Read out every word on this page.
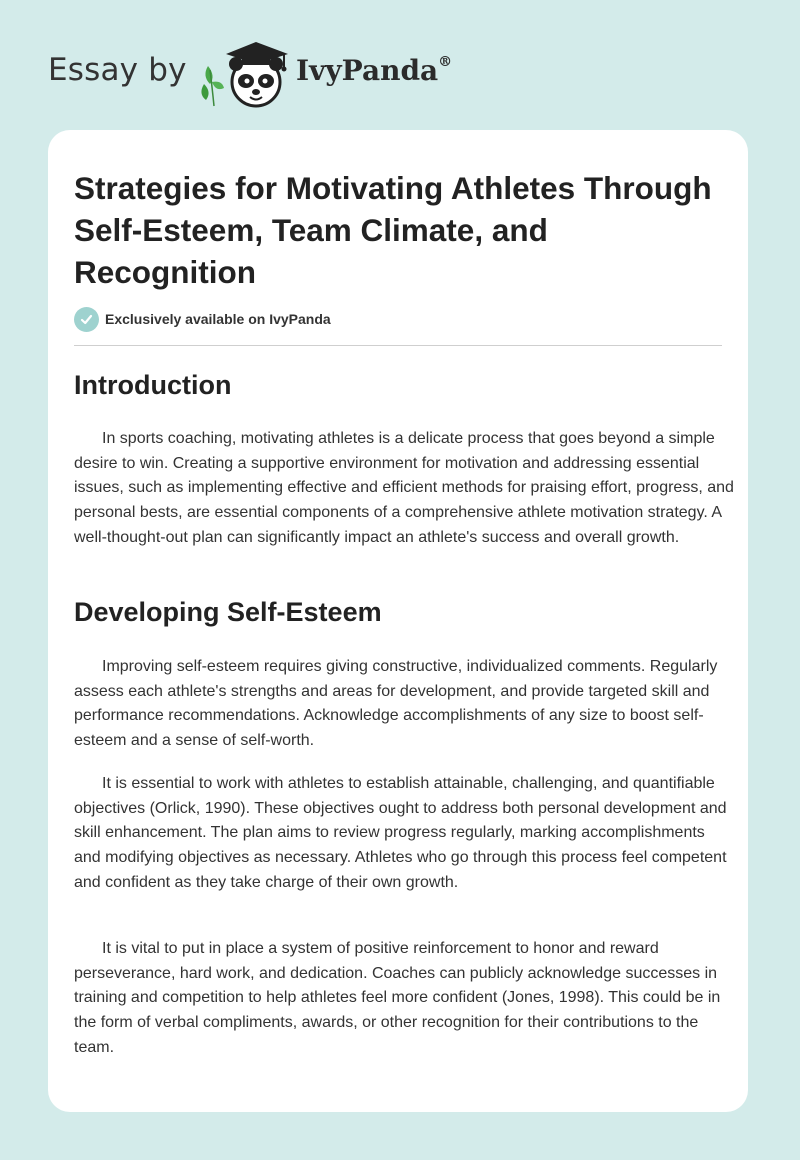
Essay by	IvyPanda®
Strategies for Motivating Athletes Through Self-Esteem, Team Climate, and Recognition
Exclusively available on IvyPanda
Introduction

In sports coaching, motivating athletes is a delicate process that goes beyond a simple desire to win. Creating a supportive environment for motivation and addressing essential issues, such as implementing effective and efficient methods for praising effort, progress, and personal bests, are essential components of a comprehensive athlete motivation strategy. A well-thought-out plan can significantly impact an athlete's success and overall growth.

Developing Self-Esteem

Improving self-esteem requires giving constructive, individualized comments. Regularly assess each athlete's strengths and areas for development, and provide targeted skill and performance recommendations. Acknowledge accomplishments of any size to boost self-esteem and a sense of self-worth.

It is essential to work with athletes to establish attainable, challenging, and quantifiable objectives (Orlick, 1990). These objectives ought to address both personal development and skill enhancement. The plan aims to review progress regularly, marking accomplishments and modifying objectives as necessary. Athletes who go through this process feel competent and confident as they take charge of their own growth.

It is vital to put in place a system of positive reinforcement to honor and reward perseverance, hard work, and dedication. Coaches can publicly acknowledge successes in training and competition to help athletes feel more confident (Jones, 1998). This could be in the form of verbal compliments, awards, or other recognition for their contributions to the team.
